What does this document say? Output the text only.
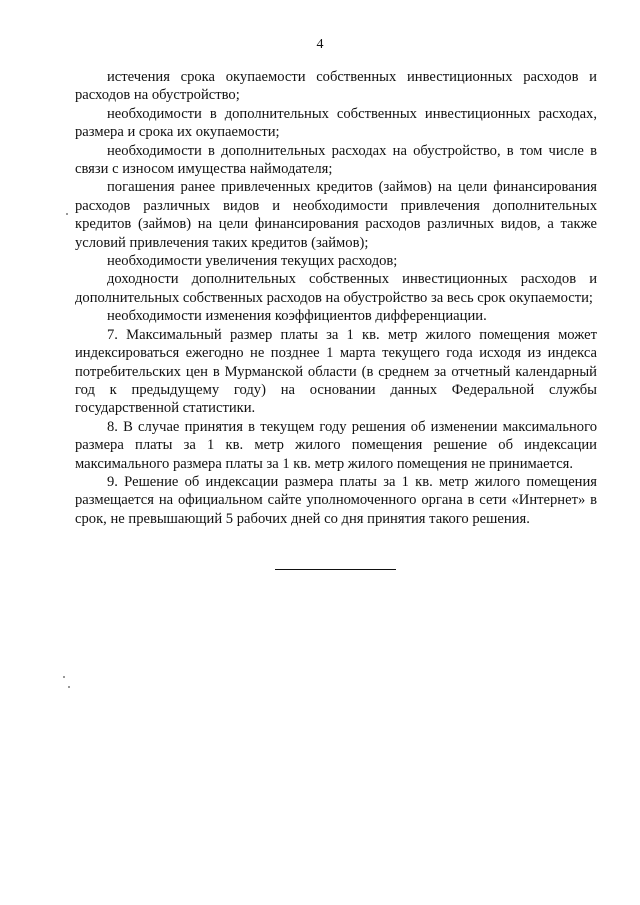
4

истечения срока окупаемости собственных инвестиционных расходов и расходов на обустройство;

необходимости в дополнительных собственных инвестиционных расходах, размера и срока их окупаемости;

необходимости в дополнительных расходах на обустройство, в том числе в связи с износом имущества наймодателя;

погашения ранее привлеченных кредитов (займов) на цели финансирования расходов различных видов и необходимости привлечения дополнительных кредитов (займов) на цели финансирования расходов различных видов, а также условий привлечения таких кредитов (займов);

необходимости увеличения текущих расходов;

доходности дополнительных собственных инвестиционных расходов и дополнительных собственных расходов на обустройство за весь срок окупаемости;

необходимости изменения коэффициентов дифференциации.

7. Максимальный размер платы за 1 кв. метр жилого помещения может индексироваться ежегодно не позднее 1 марта текущего года исходя из индекса потребительских цен в Мурманской области (в среднем за отчетный календарный год к предыдущему году) на основании данных Федеральной службы государственной статистики.

8. В случае принятия в текущем году решения об изменении максимального размера платы за 1 кв. метр жилого помещения решение об индексации максимального размера платы за 1 кв. метр жилого помещения не принимается.

9. Решение об индексации размера платы за 1 кв. метр жилого помещения размещается на официальном сайте уполномоченного органа в сети «Интернет» в срок, не превышающий 5 рабочих дней со дня принятия такого решения.
